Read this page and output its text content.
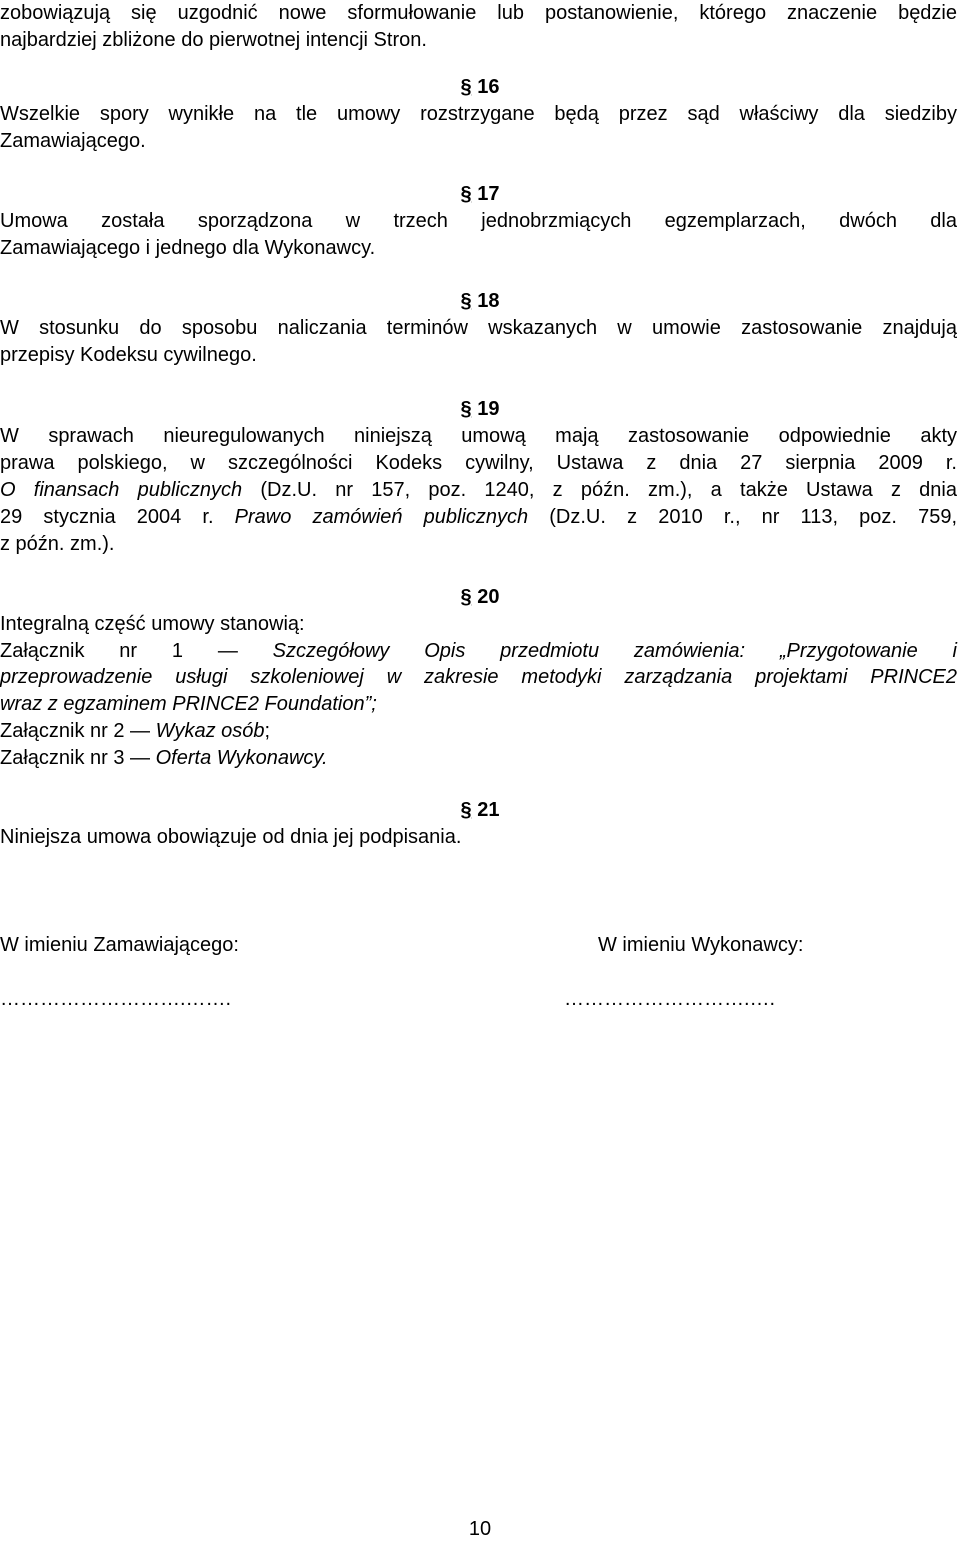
zobowiązują się uzgodnić nowe sformułowanie lub postanowienie, którego znaczenie będzie
najbardziej zbliżone do pierwotnej intencji Stron.
§ 16
Wszelkie spory wynikłe na tle umowy rozstrzygane będą przez sąd właściwy dla siedziby
Zamawiającego.
§ 17
Umowa została sporządzona w trzech jednobrzmiących egzemplarzach, dwóch dla
Zamawiającego i jednego dla Wykonawcy.
§ 18
W stosunku do sposobu naliczania terminów wskazanych w umowie zastosowanie znajdują
przepisy Kodeksu cywilnego.
§ 19
W sprawach nieuregulowanych niniejszą umową mają zastosowanie odpowiednie akty
prawa polskiego, w szczególności Kodeks cywilny, Ustawa z dnia 27 sierpnia 2009 r.
O finansach publicznych (Dz.U. nr 157, poz. 1240, z późn. zm.), a także Ustawa z dnia
29 stycznia 2004 r. Prawo zamówień publicznych (Dz.U. z 2010 r., nr 113, poz. 759,
z późn. zm.).
§ 20
Integralną część umowy stanowią:
Załącznik nr 1 — Szczegółowy Opis przedmiotu zamówienia: „Przygotowanie i
przeprowadzenie usługi szkoleniowej w zakresie metodyki zarządzania projektami PRINCE2
wraz z egzaminem PRINCE2 Foundation”;
Załącznik nr 2 — Wykaz osób;
Załącznik nr 3 — Oferta Wykonawcy.
§ 21
Niniejsza umowa obowiązuje od dnia jej podpisania.
W imieniu Zamawiającego:	W imieniu Wykonawcy:
……………………….…….	……………………….….
10
